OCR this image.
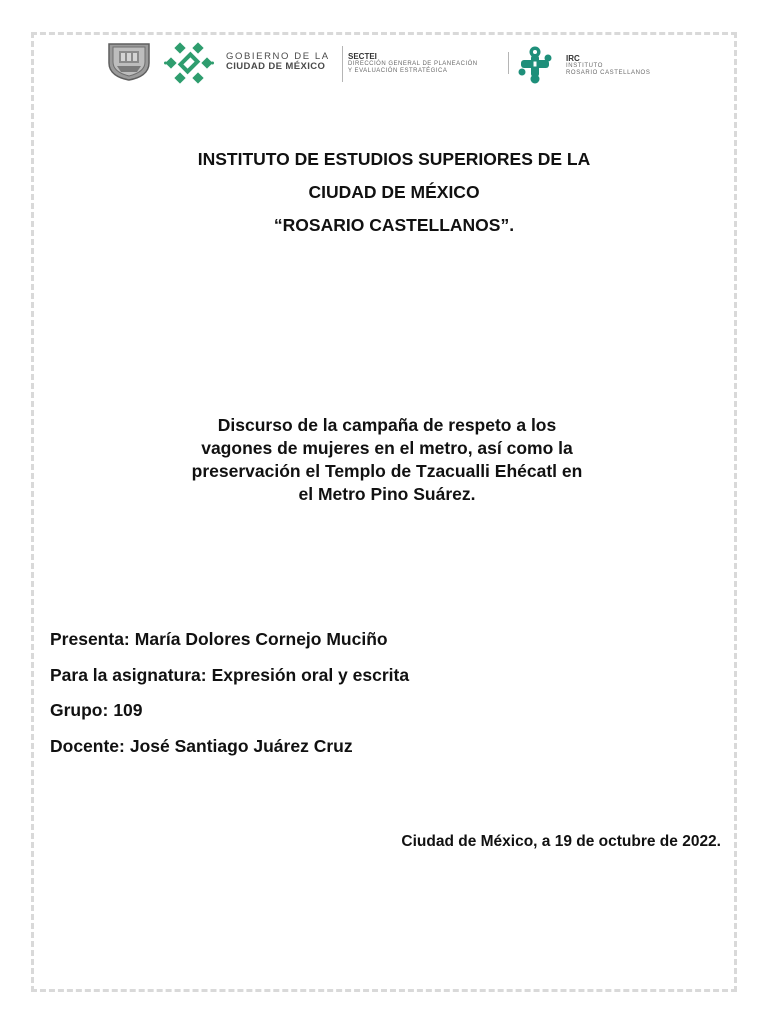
GOBIERNO DE LA
CIUDAD DE MÉXICO
SECTEI
DIRECCIÓN GENERAL DE PLANEACIÓN
Y EVALUACIÓN ESTRATÉGICA
IRC
INSTITUTO
ROSARIO CASTELLANOS
INSTITUTO DE ESTUDIOS SUPERIORES DE LA
CIUDAD DE MÉXICO
“ROSARIO CASTELLANOS”.
Discurso de la campaña de respeto a los
vagones de mujeres en el metro, así como la
preservación el Templo de Tzacualli Ehécatl en
el Metro Pino Suárez.
Presenta: María Dolores Cornejo Muciño
Para la asignatura: Expresión oral y escrita
Grupo: 109
Docente: José Santiago Juárez Cruz
Ciudad de México, a 19 de octubre de 2022.
